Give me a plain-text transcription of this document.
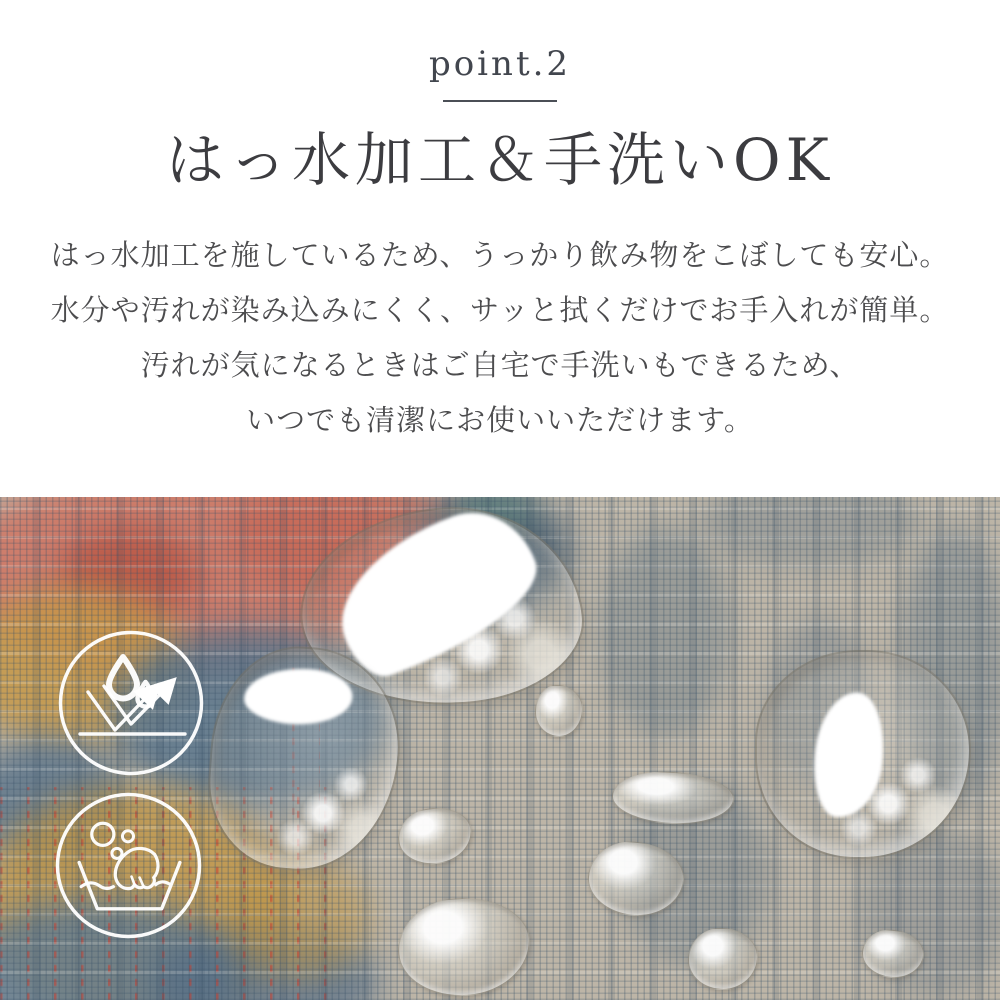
point.2
はっ水加工＆手洗いOK

はっ水加工を施しているため、うっかり飲み物をこぼしても安心。

水分や汚れが染み込みにくく、サッと拭くだけでお手入れが簡単。

汚れが気になるときはご自宅で手洗いもできるため、

いつでも清潔にお使いいただけます。
